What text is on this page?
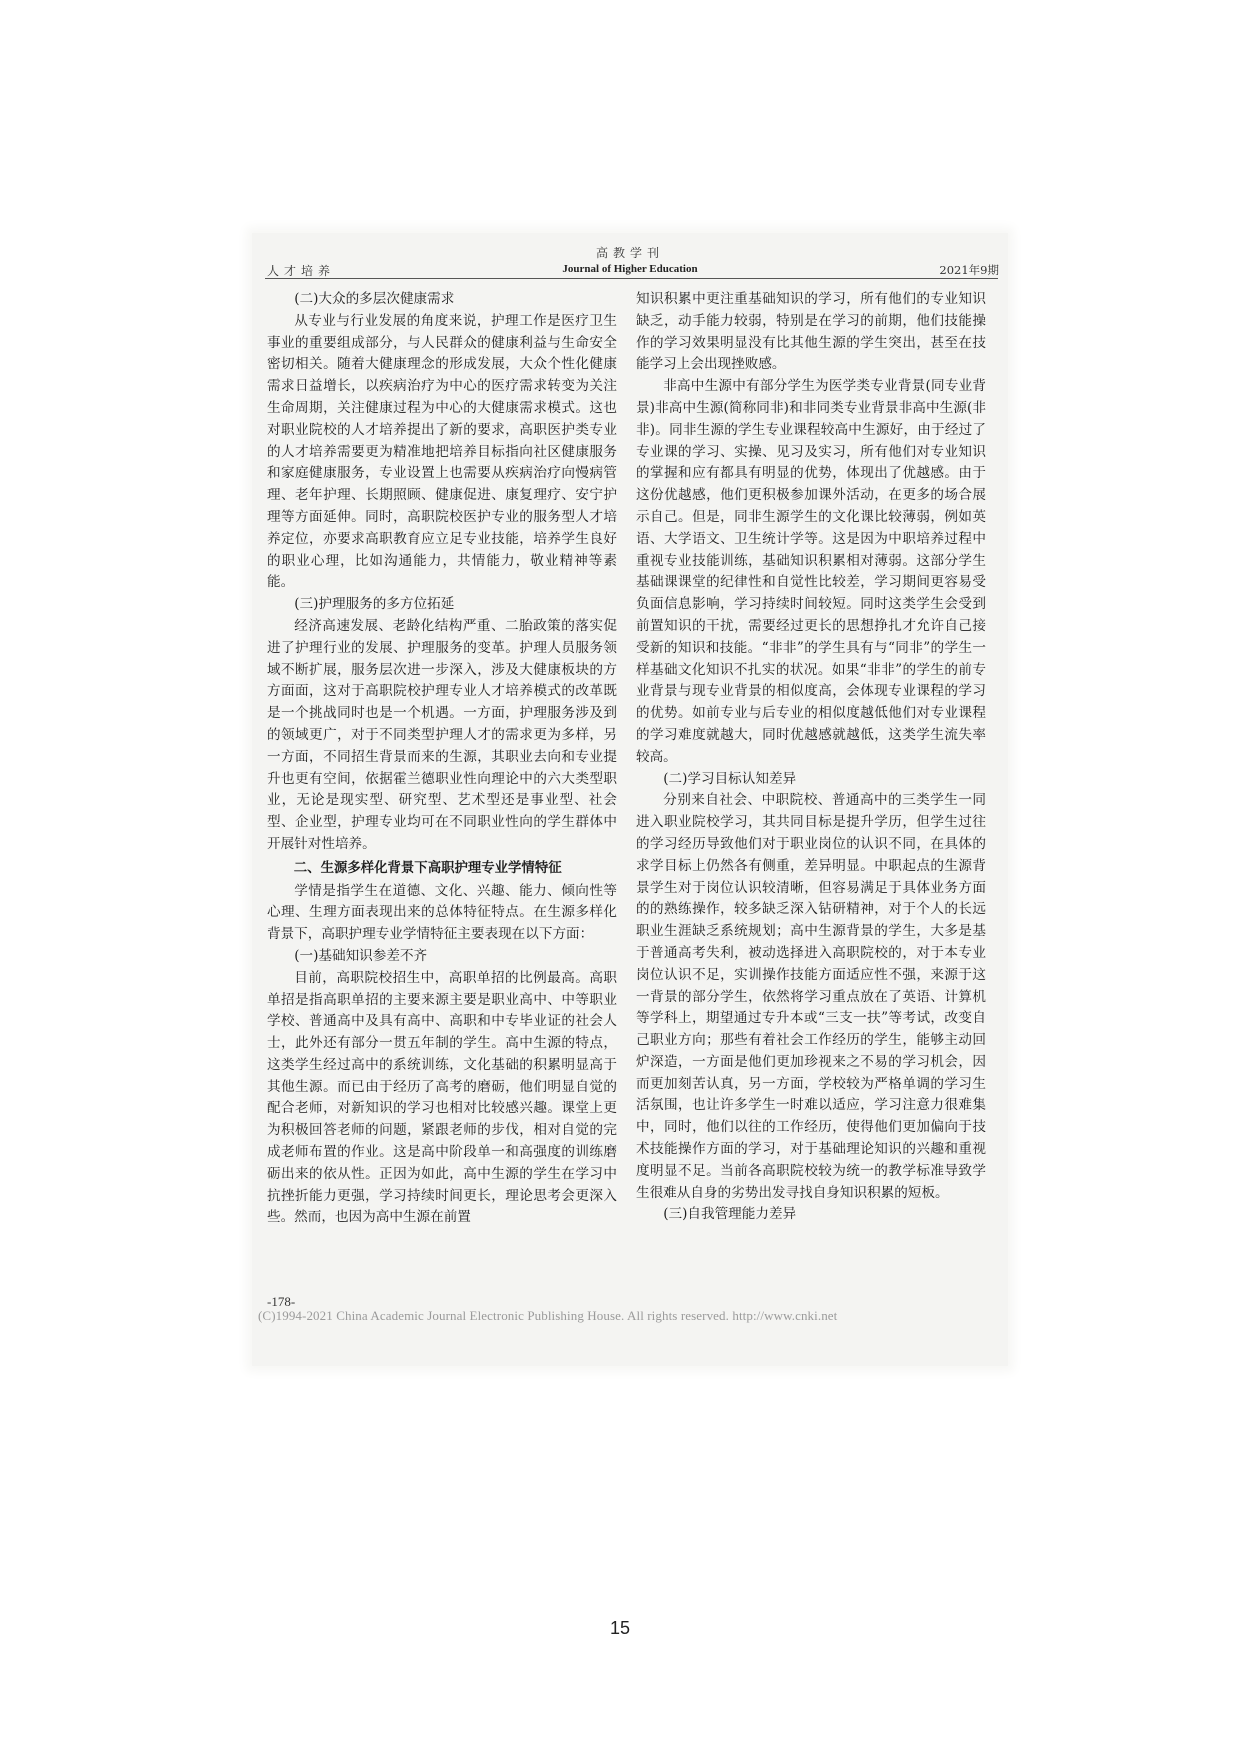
高教学刊
Journal of Higher Education
人才培养	2021年9期
(二)大众的多层次健康需求

从专业与行业发展的角度来说，护理工作是医疗卫生事业的重要组成部分，与人民群众的健康利益与生命安全密切相关。随着大健康理念的形成发展，大众个性化健康需求日益增长，以疾病治疗为中心的医疗需求转变为关注生命周期，关注健康过程为中心的大健康需求模式。这也对职业院校的人才培养提出了新的要求，高职医护类专业的人才培养需要更为精准地把培养目标指向社区健康服务和家庭健康服务，专业设置上也需要从疾病治疗向慢病管理、老年护理、长期照顾、健康促进、康复理疗、安宁护理等方面延伸。同时，高职院校医护专业的服务型人才培养定位，亦要求高职教育应立足专业技能，培养学生良好的职业心理，比如沟通能力，共情能力，敬业精神等素能。

(三)护理服务的多方位拓延

经济高速发展、老龄化结构严重、二胎政策的落实促进了护理行业的发展、护理服务的变革。护理人员服务领域不断扩展，服务层次进一步深入，涉及大健康板块的方方面面，这对于高职院校护理专业人才培养模式的改革既是一个挑战同时也是一个机遇。一方面，护理服务涉及到的领域更广，对于不同类型护理人才的需求更为多样，另一方面，不同招生背景而来的生源，其职业去向和专业提升也更有空间，依据霍兰德职业性向理论中的六大类型职业，无论是现实型、研究型、艺术型还是事业型、社会型、企业型，护理专业均可在不同职业性向的学生群体中开展针对性培养。

二、生源多样化背景下高职护理专业学情特征

学情是指学生在道德、文化、兴趣、能力、倾向性等心理、生理方面表现出来的总体特征特点。在生源多样化背景下，高职护理专业学情特征主要表现在以下方面：

(一)基础知识参差不齐

目前，高职院校招生中，高职单招的比例最高。高职单招是指高职单招的主要来源主要是职业高中、中等职业学校、普通高中及具有高中、高职和中专毕业证的社会人士，此外还有部分一贯五年制的学生。高中生源的特点，这类学生经过高中的系统训练，文化基础的积累明显高于其他生源。而已由于经历了高考的磨砺，他们明显自觉的配合老师，对新知识的学习也相对比较感兴趣。课堂上更为积极回答老师的问题，紧跟老师的步伐，相对自觉的完成老师布置的作业。这是高中阶段单一和高强度的训练磨砺出来的依从性。正因为如此，高中生源的学生在学习中抗挫折能力更强，学习持续时间更长，理论思考会更深入些。然而，也因为高中生源在前置

知识积累中更注重基础知识的学习，所有他们的专业知识缺乏，动手能力较弱，特别是在学习的前期，他们技能操作的学习效果明显没有比其他生源的学生突出，甚至在技能学习上会出现挫败感。

非高中生源中有部分学生为医学类专业背景(同专业背景)非高中生源(简称同非)和非同类专业背景非高中生源(非非)。同非生源的学生专业课程较高中生源好，由于经过了专业课的学习、实操、见习及实习，所有他们对专业知识的掌握和应有都具有明显的优势，体现出了优越感。由于这份优越感，他们更积极参加课外活动，在更多的场合展示自己。但是，同非生源学生的文化课比较薄弱，例如英语、大学语文、卫生统计学等。这是因为中职培养过程中重视专业技能训练，基础知识积累相对薄弱。这部分学生基础课课堂的纪律性和自觉性比较差，学习期间更容易受负面信息影响，学习持续时间较短。同时这类学生会受到前置知识的干扰，需要经过更长的思想挣扎才允许自己接受新的知识和技能。“非非”的学生具有与“同非”的学生一样基础文化知识不扎实的状况。如果“非非”的学生的前专业背景与现专业背景的相似度高，会体现专业课程的学习的优势。如前专业与后专业的相似度越低他们对专业课程的学习难度就越大，同时优越感就越低，这类学生流失率较高。

(二)学习目标认知差异

分别来自社会、中职院校、普通高中的三类学生一同进入职业院校学习，其共同目标是提升学历，但学生过往的学习经历导致他们对于职业岗位的认识不同，在具体的求学目标上仍然各有侧重，差异明显。中职起点的生源背景学生对于岗位认识较清晰，但容易满足于具体业务方面的的熟练操作，较多缺乏深入钻研精神，对于个人的长远职业生涯缺乏系统规划；高中生源背景的学生，大多是基于普通高考失利，被动选择进入高职院校的，对于本专业岗位认识不足，实训操作技能方面适应性不强，来源于这一背景的部分学生，依然将学习重点放在了英语、计算机等学科上，期望通过专升本或“三支一扶”等考试，改变自己职业方向；那些有着社会工作经历的学生，能够主动回炉深造，一方面是他们更加珍视来之不易的学习机会，因而更加刻苦认真，另一方面，学校较为严格单调的学习生活氛围，也让许多学生一时难以适应，学习注意力很难集中，同时，他们以往的工作经历，使得他们更加偏向于技术技能操作方面的学习，对于基础理论知识的兴趣和重视度明显不足。当前各高职院校较为统一的教学标准导致学生很难从自身的劣势出发寻找自身知识积累的短板。

(三)自我管理能力差异
-178-
(C)1994-2021 China Academic Journal Electronic Publishing House. All rights reserved. http://www.cnki.net
15
